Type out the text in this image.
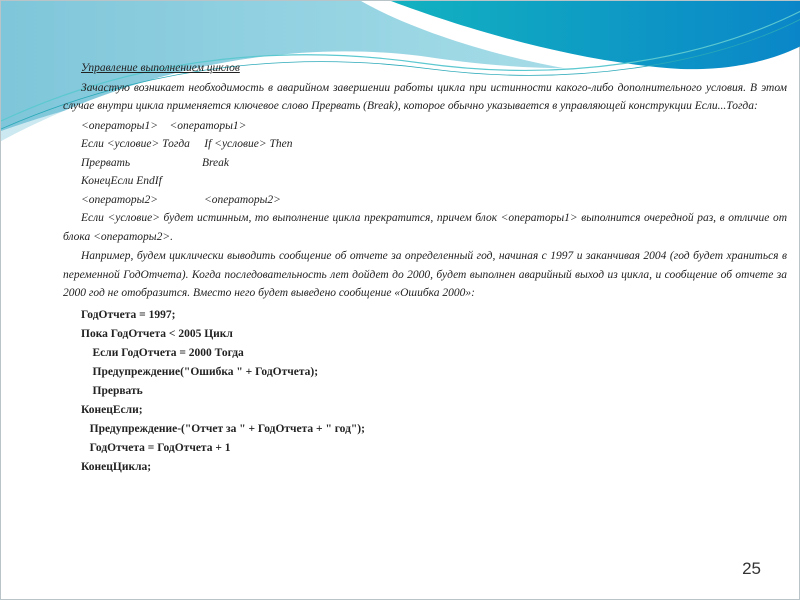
Управление выполнением циклов

Зачастую возникает необходимость в аварийном завершении работы цикла при истинности какого-либо дополнительного условия. В этом случае внутри цикла применяется ключевое слово Прервать (Break), которое обычно указывается в управляющей конструкции Если...Тогда:

<операторы1>    <операторы1>
Если <условие> Тогда     If <условие> Then
Прервать                         Break
КонецЕсли EndIf
<операторы2>                <операторы2>

Если <условие> будет истинным, то выполнение цикла прекратится, причем блок <операторы1> выполнится очередной раз, в отличие от блока <операторы2>.

Например, будем циклически выводить сообщение об отчете за определенный год, начиная с 1997 и заканчивая 2004 (год будет храниться в переменной ГодОтчета). Когда последовательность лет дойдет до 2000, будет выполнен аварийный выход из цикла, и сообщение об отчете за 2000 год не отобразится. Вместо него будет выведено сообщение «Ошибка 2000»:

ГодОтчета = 1997;
Пока ГодОтчета < 2005 Цикл
Если ГодОтчета = 2000 Тогда
Предупреждение("Ошибка " + ГодОтчета);
Прервать
КонецЕсли;
Предупреждение-("Отчет за " + ГодОтчета + " год");
ГодОтчета = ГодОтчета + 1
КонецЦикла;
25
